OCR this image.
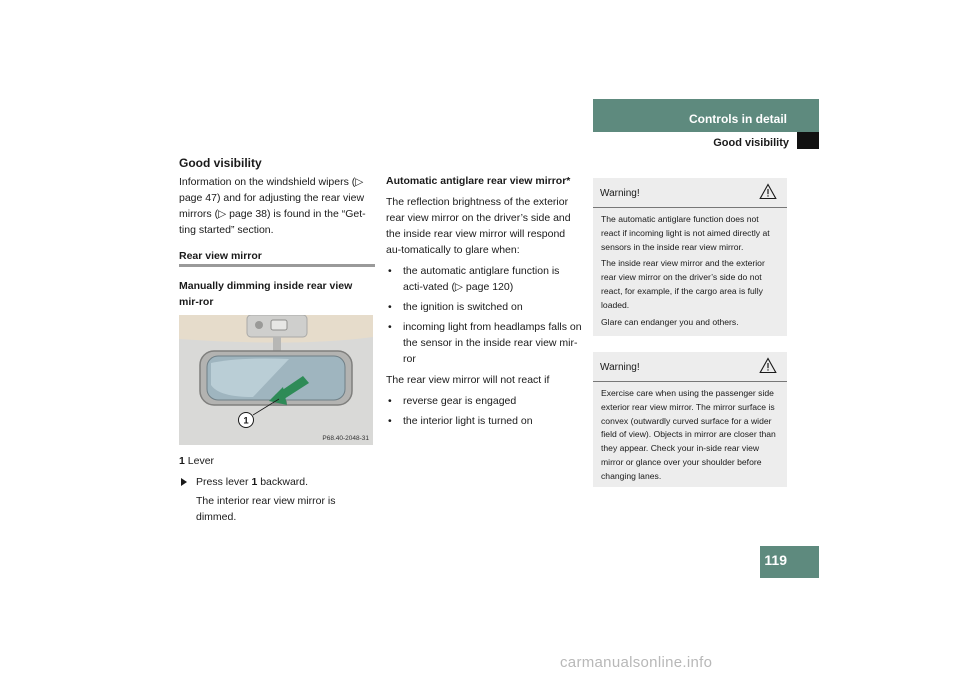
Controls in detail
Good visibility
Good visibility

Information on the windshield wipers (▷ page 47) and for adjusting the rear view mirrors (▷ page 38) is found in the “Get-ting started” section.

Rear view mirror
Manually dimming inside rear view mir-ror
1
P68.40-2048-31

1 Lever

Press lever 1 backward.
The interior rear view mirror is dimmed.
Automatic antiglare rear view mirror*

The reflection brightness of the exterior rear view mirror on the driver’s side and the inside rear view mirror will respond au-tomatically to glare when:

• the automatic antiglare function is acti-vated (▷ page 120)
• the ignition is switched on
• incoming light from headlamps falls on the sensor in the inside rear view mir-ror

The rear view mirror will not react if

• reverse gear is engaged
• the interior light is turned on
Warning!

The automatic antiglare function does not react if incoming light is not aimed directly at sensors in the inside rear view mirror.

The inside rear view mirror and the exterior rear view mirror on the driver’s side do not react, for example, if the cargo area is fully loaded.

Glare can endanger you and others.

Warning!

Exercise care when using the passenger side exterior rear view mirror. The mirror surface is convex (outwardly curved surface for a wider field of view). Objects in mirror are closer than they appear. Check your in-side rear view mirror or glance over your shoulder before changing lanes.

119
carmanualsonline.info
